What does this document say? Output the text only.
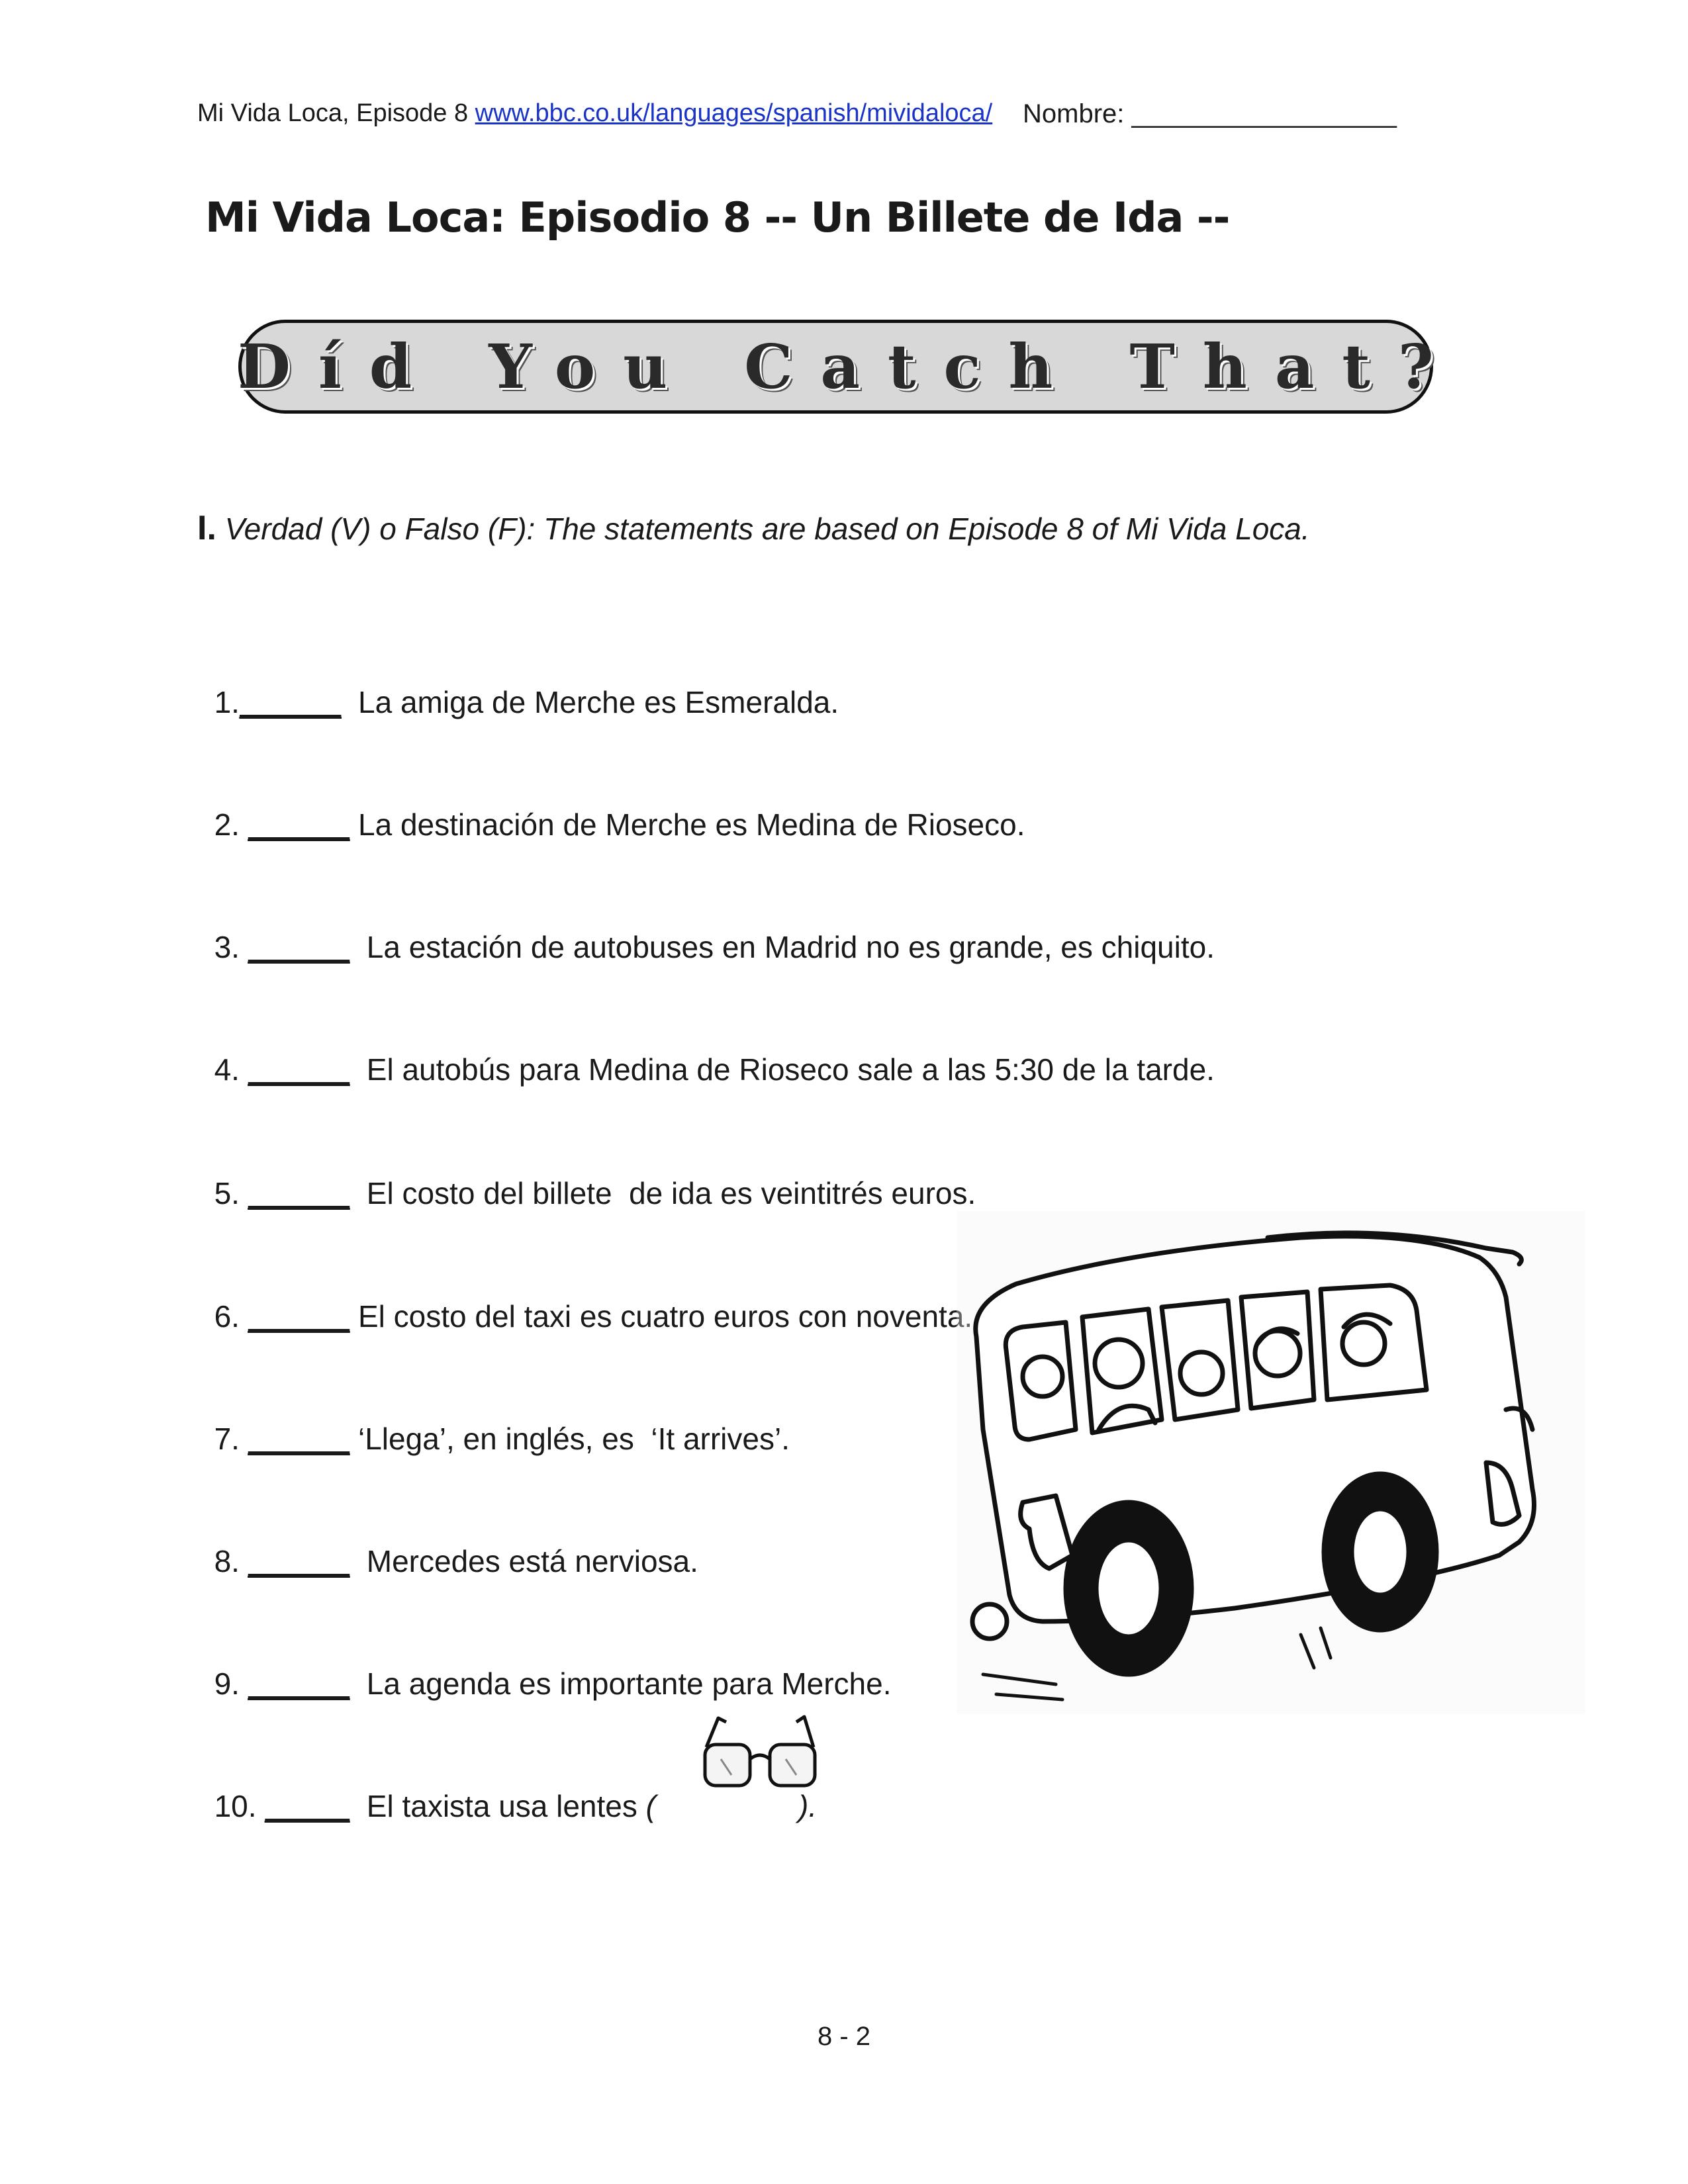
Mi Vida Loca, Episode 8 www.bbc.co.uk/languages/spanish/mividaloca/ Nombre: __________________
Mi Vida Loca: Episodio 8 -- Un Billete de Ida --
Díd You Catch That?
I. Verdad (V) o Falso (F): The statements are based on Episode 8 of Mi Vida Loca.

1.______  La amiga de Merche es Esmeralda.

2. ______ La destinación de Merche es Medina de Rioseco.

3. ______  La estación de autobuses en Madrid no es grande, es chiquito.

4. ______  El autobús para Medina de Rioseco sale a las 5:30 de la tarde.

5. ______  El costo del billete  de ida es veintitrés euros.

6. ______ El costo del taxi es cuatro euros con noventa.

7. ______ ‘Llega’, en inglés, es  ‘It arrives’.

8. ______  Mercedes está nerviosa.

9. ______  La agenda es importante para Merche.

10. _____  El taxista usa lentes (	).

8 - 2
